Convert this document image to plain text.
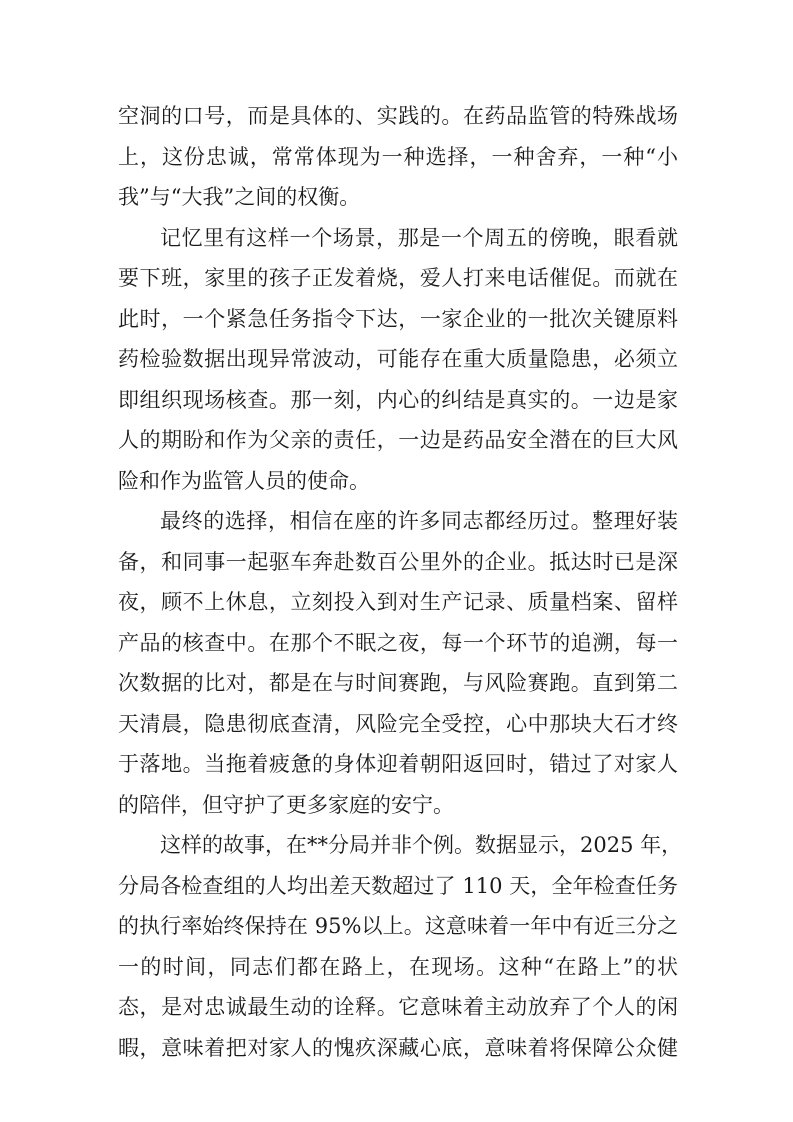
空洞的口号，而是具体的、实践的。在药品监管的特殊战场
上，这份忠诚，常常体现为一种选择，一种舍弃，一种“小
我”与“大我”之间的权衡。
记忆里有这样一个场景，那是一个周五的傍晚，眼看就
要下班，家里的孩子正发着烧，爱人打来电话催促。而就在
此时，一个紧急任务指令下达，一家企业的一批次关键原料
药检验数据出现异常波动，可能存在重大质量隐患，必须立
即组织现场核查。那一刻，内心的纠结是真实的。一边是家
人的期盼和作为父亲的责任，一边是药品安全潜在的巨大风
险和作为监管人员的使命。
最终的选择，相信在座的许多同志都经历过。整理好装
备，和同事一起驱车奔赴数百公里外的企业。抵达时已是深
夜，顾不上休息，立刻投入到对生产记录、质量档案、留样
产品的核查中。在那个不眠之夜，每一个环节的追溯，每一
次数据的比对，都是在与时间赛跑，与风险赛跑。直到第二
天清晨，隐患彻底查清，风险完全受控，心中那块大石才终
于落地。当拖着疲惫的身体迎着朝阳返回时，错过了对家人
的陪伴，但守护了更多家庭的安宁。
这样的故事，在**分局并非个例。数据显示，2025 年，
分局各检查组的人均出差天数超过了 110 天，全年检查任务
的执行率始终保持在 95%以上。这意味着一年中有近三分之
一的时间，同志们都在路上，在现场。这种“在路上”的状
态，是对忠诚最生动的诠释。它意味着主动放弃了个人的闲
暇，意味着把对家人的愧疚深藏心底，意味着将保障公众健
